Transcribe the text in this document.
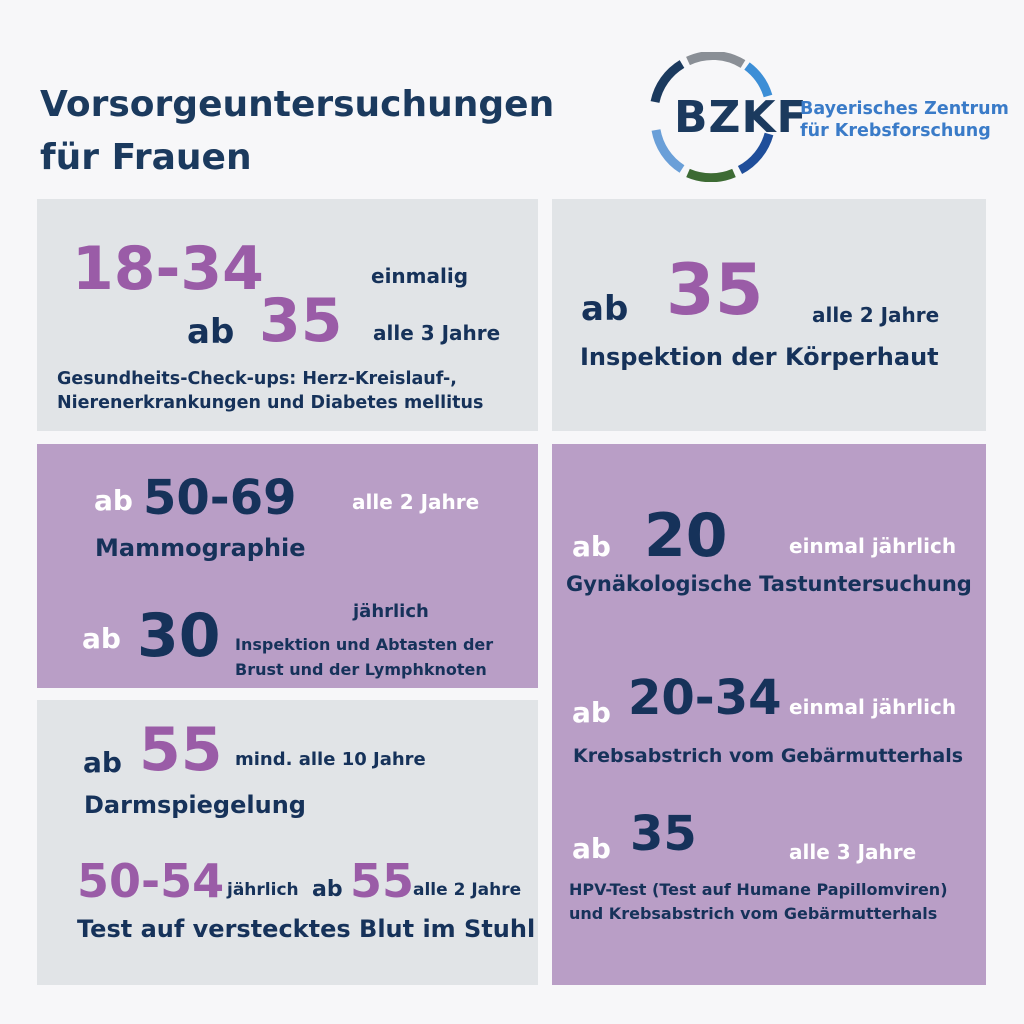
Vorsorgeuntersuchungen
für Frauen
BZKF
Bayerisches Zentrum
für Krebsforschung
18-34	einmalig
ab 35 alle 3 Jahre
Gesundheits-Check-ups: Herz-Kreislauf-, Nierenerkrankungen und Diabetes mellitus
ab 35 alle 2 Jahre
Inspektion der Körperhaut
ab 50-69	alle 2 Jahre
Mammographie
ab 30	jährlich
Inspektion und Abtasten der Brust und der Lymphknoten
ab 55 mind. alle 10 Jahre
Darmspiegelung
50-54 jährlich ab 55
alle 2 Jahre
Test auf verstecktes Blut im Stuhl
ab 20	einmal jährlich
Gynäkologische Tastuntersuchung
ab 20-34 einmal jährlich
Krebsabstrich vom Gebärmutterhals
ab 35	alle 3 Jahre
HPV-Test (Test auf Humane Papillomviren) und Krebsabstrich vom Gebärmutterhals
